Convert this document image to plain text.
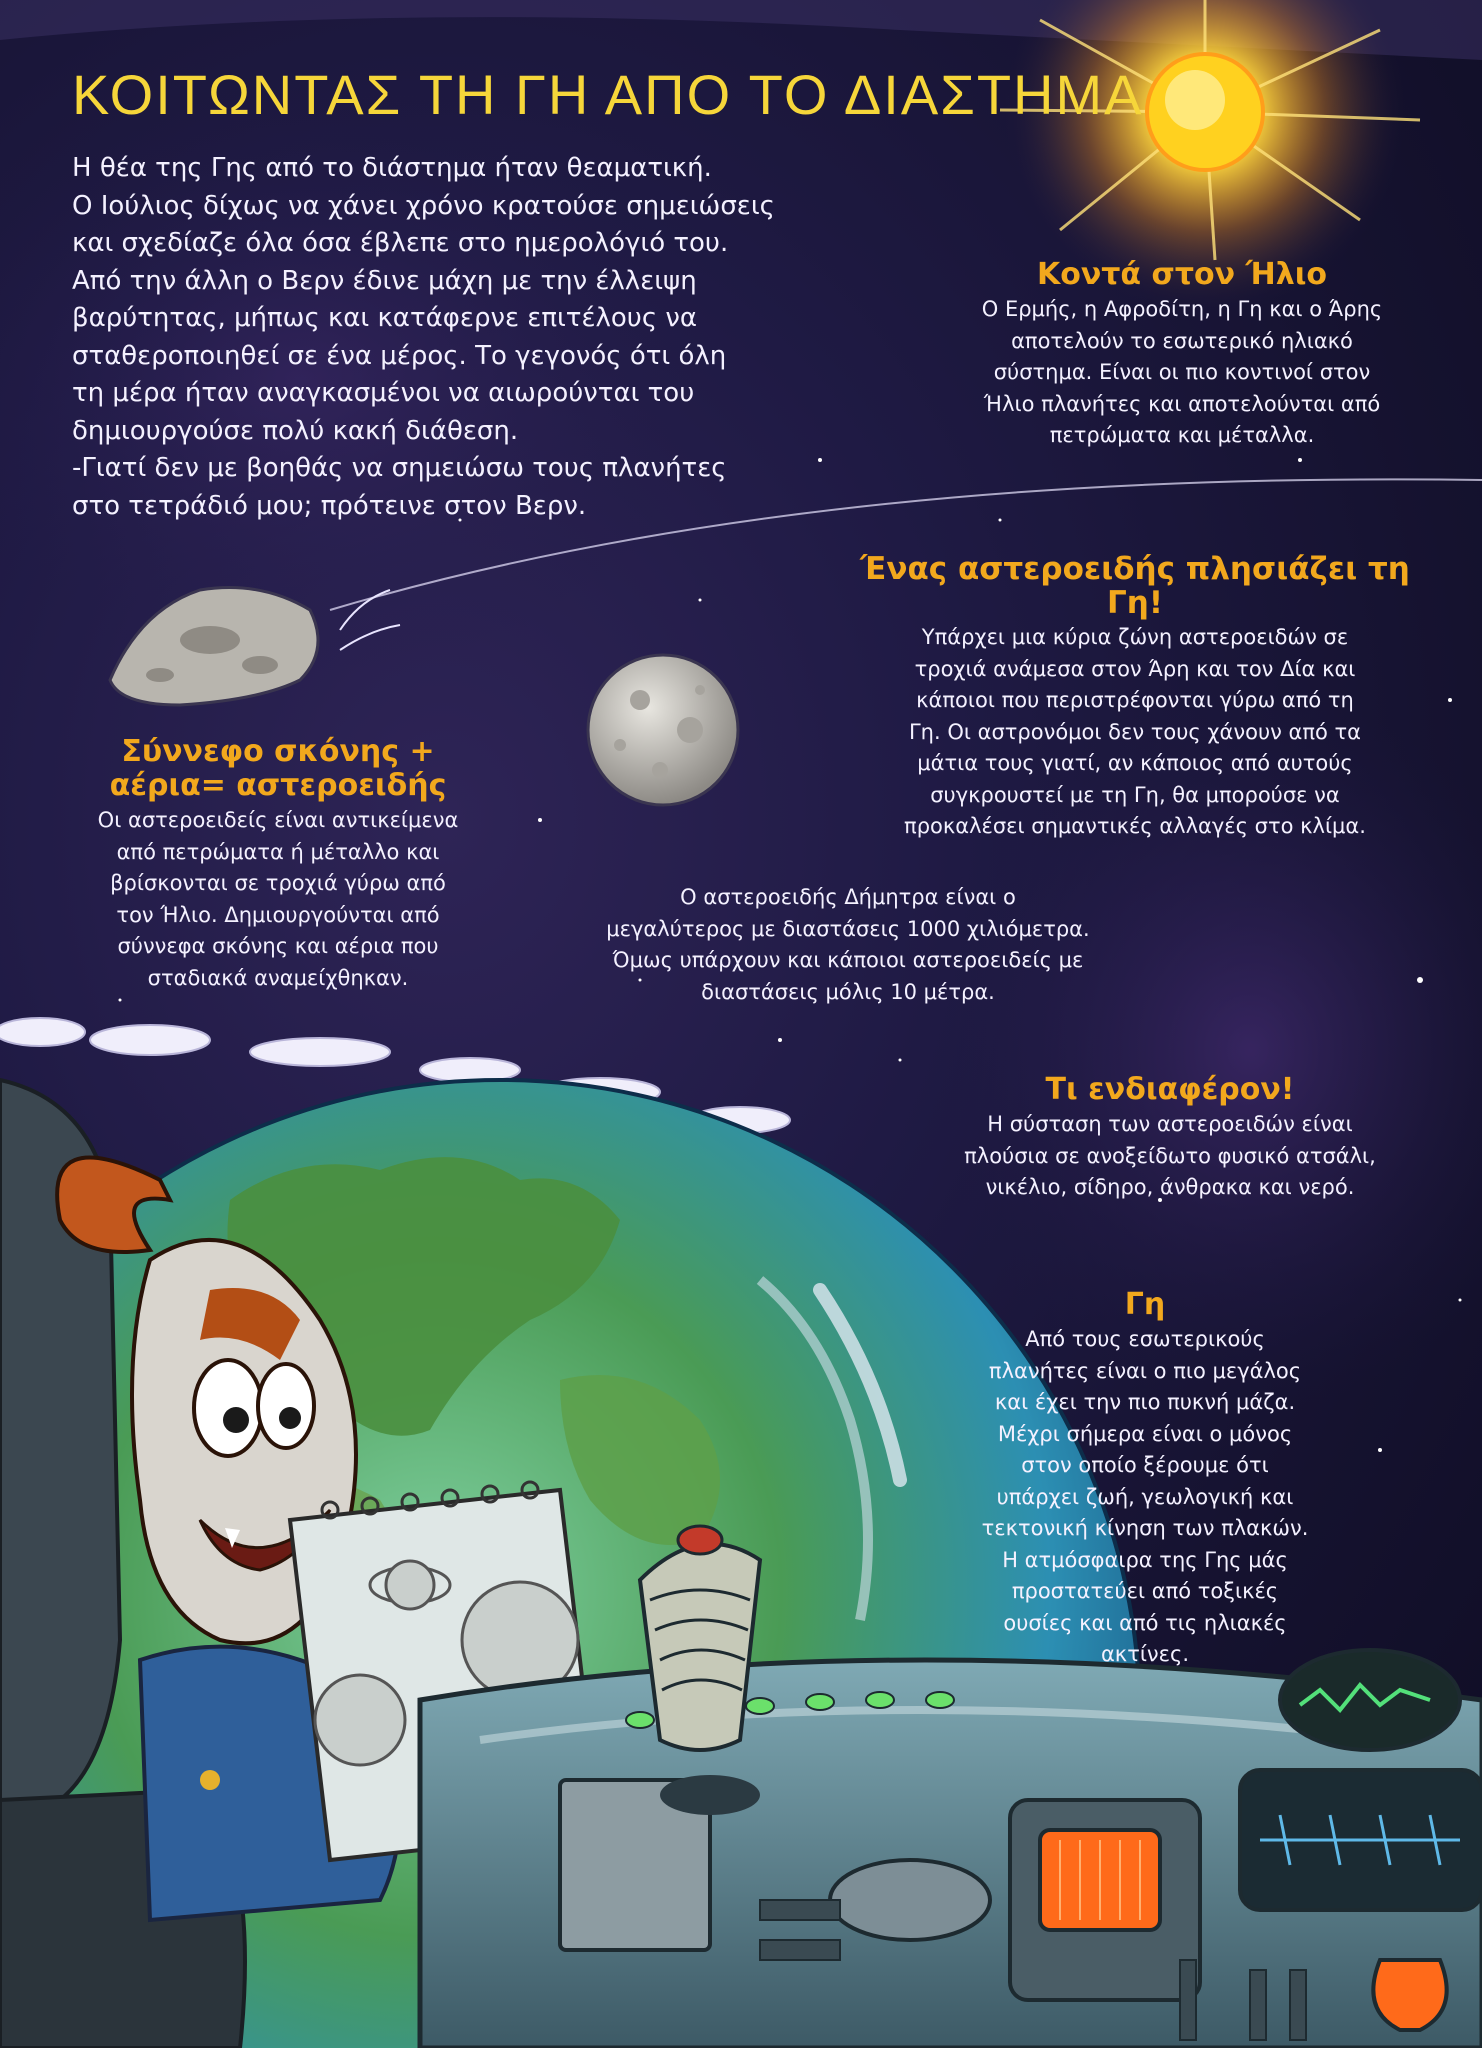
ΚΟΙΤΩΝΤΑΣ ΤΗ ΓΗ ΑΠΟ ΤΟ ΔΙΑΣΤΗΜΑ

Η θέα της Γης από το διάστημα ήταν θεαματική.

Ο Ιούλιος δίχως να χάνει χρόνο κρατούσε σημειώσεις

και σχεδίαζε όλα όσα έβλεπε στο ημερολόγιό του.

Από την άλλη ο Βερν έδινε μάχη με την έλλειψη

βαρύτητας, μήπως και κατάφερνε επιτέλους να

σταθεροποιηθεί σε ένα μέρος. Το γεγονός ότι όλη

τη μέρα ήταν αναγκασμένοι να αιωρούνται του

δημιουργούσε πολύ κακή διάθεση.

-Γιατί δεν με βοηθάς να σημειώσω τους πλανήτες

στο τετράδιό μου; πρότεινε στον Βερν.

Κοντά στον Ήλιο
Ο Ερμής, η Αφροδίτη, η Γη και ο Άρης
αποτελούν το εσωτερικό ηλιακό
σύστημα. Είναι οι πιο κοντινοί στον
Ήλιο πλανήτες και αποτελούνται από
πετρώματα και μέταλλα.
Ένας αστεροειδής πλησιάζει τη Γη!
Υπάρχει μια κύρια ζώνη αστεροειδών σε
τροχιά ανάμεσα στον Άρη και τον Δία και
κάποιοι που περιστρέφονται γύρω από τη
Γη. Οι αστρονόμοι δεν τους χάνουν από τα
μάτια τους γιατί, αν κάποιος από αυτούς
συγκρουστεί με τη Γη, θα μπορούσε να
προκαλέσει σημαντικές αλλαγές στο κλίμα.
Σύννεφο σκόνης + αέρια= αστεροειδής
Οι αστεροειδείς είναι αντικείμενα
από πετρώματα ή μέταλλο και
βρίσκονται σε τροχιά γύρω από
τον Ήλιο. Δημιουργούνται από
σύννεφα σκόνης και αέρια που
σταδιακά αναμείχθηκαν.
Ο αστεροειδής Δήμητρα είναι ο
μεγαλύτερος με διαστάσεις 1000 χιλιόμετρα.
Όμως υπάρχουν και κάποιοι αστεροειδείς με
διαστάσεις μόλις 10 μέτρα.
Τι ενδιαφέρον!
Η σύσταση των αστεροειδών είναι
πλούσια σε ανοξείδωτο φυσικό ατσάλι,
νικέλιο, σίδηρο, άνθρακα και νερό.
Γη
Από τους εσωτερικούς
πλανήτες είναι ο πιο μεγάλος
και έχει την πιο πυκνή μάζα.
Μέχρι σήμερα είναι ο μόνος
στον οποίο ξέρουμε ότι
υπάρχει ζωή, γεωλογική και
τεκτονική κίνηση των πλακών.
Η ατμόσφαιρα της Γης μάς
προστατεύει από τοξικές
ουσίες και από τις ηλιακές
ακτίνες.
